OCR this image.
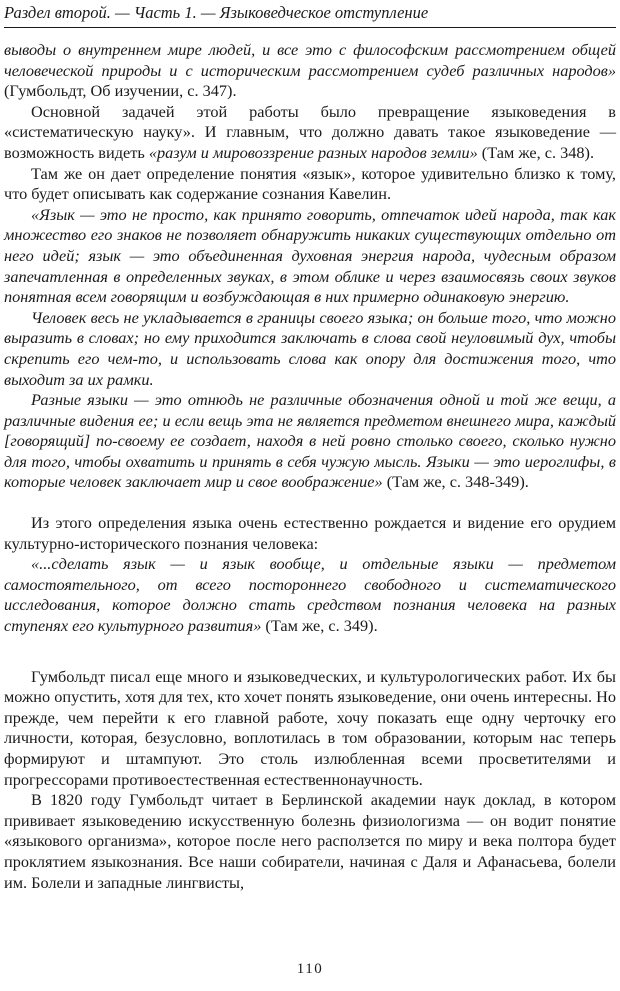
Раздел второй. — Часть 1. — Языковедческое отступление

выводы о внутреннем мире людей, и все это с философским рассмотрением общей человеческой природы и с историческим рассмотрением судеб различных народов» (Гумбольдт, Об изучении, с. 347).

Основной задачей этой работы было превращение языковедения в «систематическую науку». И главным, что должно давать такое языковедение — возможность видеть «разум и мировоззрение разных народов земли» (Там же, с. 348).

Там же он дает определение понятия «язык», которое удивительно близко к тому, что будет описывать как содержание сознания Кавелин.

«Язык — это не просто, как принято говорить, отпечаток идей народа, так как множество его знаков не позволяет обнаружить никаких существующих отдельно от него идей; язык — это объединенная духовная энергия народа, чудесным образом запечатленная в определенных звуках, в этом облике и через взаимосвязь своих звуков понятная всем говорящим и возбуждающая в них примерно одинаковую энергию.

Человек весь не укладывается в границы своего языка; он больше того, что можно выразить в словах; но ему приходится заключать в слова свой неуловимый дух, чтобы скрепить его чем-то, и использовать слова как опору для достижения того, что выходит за их рамки.

Разные языки — это отнюдь не различные обозначения одной и той же вещи, а различные видения ее; и если вещь эта не является предметом внешнего мира, каждый [говорящий] по-своему ее создает, находя в ней ровно столько своего, сколько нужно для того, чтобы охватить и принять в себя чужую мысль. Языки — это иероглифы, в которые человек заключает мир и свое воображение» (Там же, с. 348-349).

Из этого определения языка очень естественно рождается и видение его орудием культурно-исторического познания человека:

«...сделать язык — и язык вообще, и отдельные языки — предметом самостоятельного, от всего постороннего свободного и систематического исследования, которое должно стать средством познания человека на разных ступенях его культурного развития» (Там же, с. 349).

Гумбольдт писал еще много и языковедческих, и культурологических работ. Их бы можно опустить, хотя для тех, кто хочет понять языковедение, они очень интересны. Но прежде, чем перейти к его главной работе, хочу показать еще одну черточку его личности, которая, безусловно, воплотилась в том образовании, которым нас теперь формируют и штампуют. Это столь излюбленная всеми просветителями и прогрессорами противоестественная естественнонаучность.

В 1820 году Гумбольдт читает в Берлинской академии наук доклад, в котором прививает языковедению искусственную болезнь физиологизма — он водит понятие «языкового организма», которое после него расползется по миру и века полтора будет проклятием языкознания. Все наши собиратели, начиная с Даля и Афанасьева, болели им. Болели и западные лингвисты,

110
